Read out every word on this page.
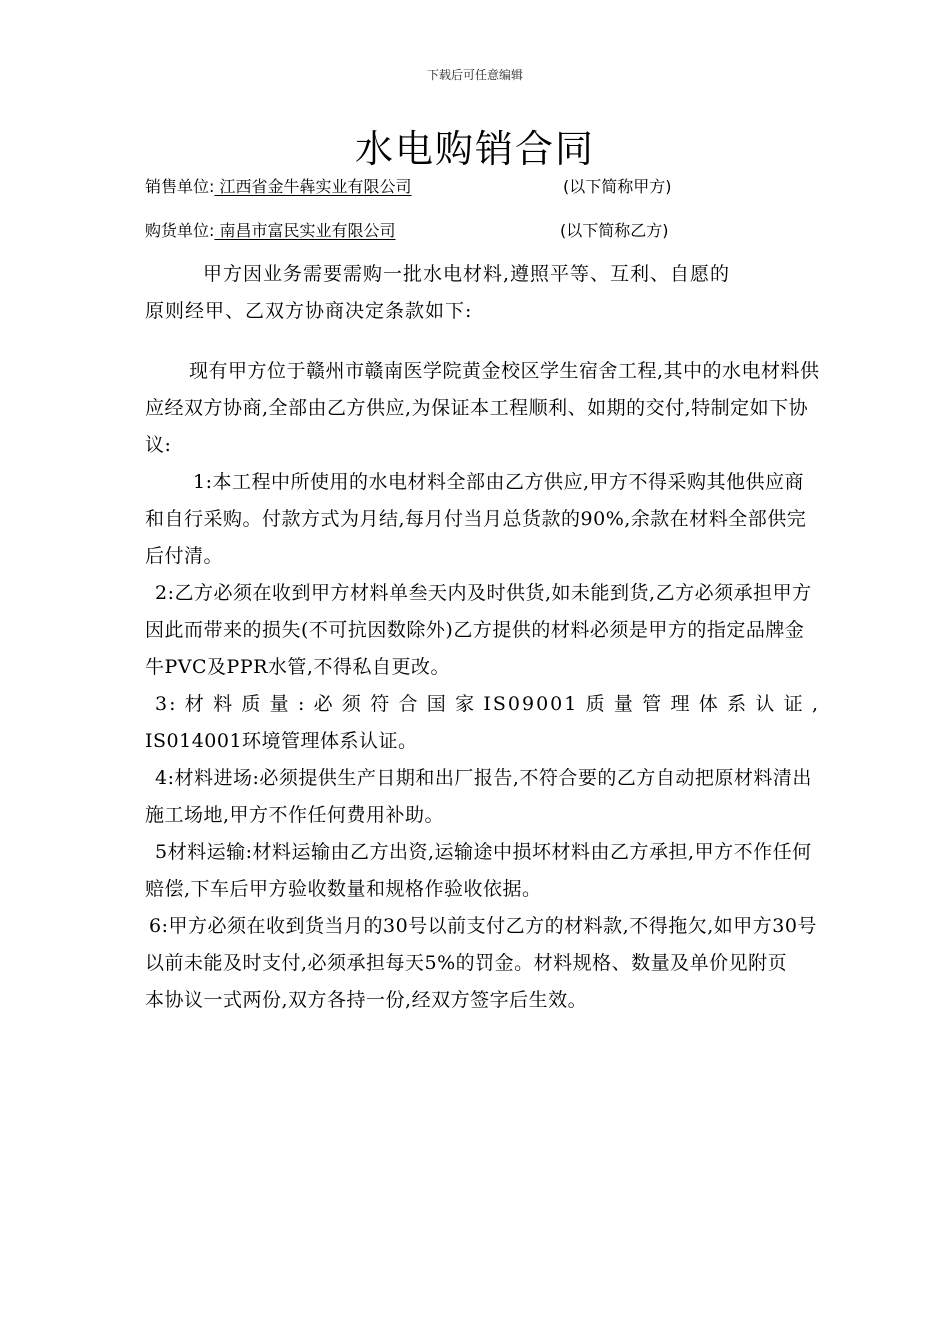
下载后可任意编辑
水电购销合同
销售单位: 江西省金牛犇实业有限公司	(以下简称甲方)
购货单位: 南昌市富民实业有限公司	(以下简称乙方)

甲方因业务需要需购一批水电材料,遵照平等、互利、自愿的

原则经甲、乙双方协商决定条款如下:

现有甲方位于赣州市赣南医学院黄金校区学生宿舍工程,其中的水电材料供应经双方协商,全部由乙方供应,为保证本工程顺利、如期的交付,特制定如下协议:

1:本工程中所使用的水电材料全部由乙方供应,甲方不得采购其他供应商和自行采购。付款方式为月结,每月付当月总货款的90%,余款在材料全部供完后付清。

2:乙方必须在收到甲方材料单叁天内及时供货,如未能到货,乙方必须承担甲方因此而带来的损失(不可抗因数除外)乙方提供的材料必须是甲方的指定品牌金牛PVC及PPR水管,不得私自更改。

3:材料质量:必须符合国家IS09001质量管理体系认证,

IS014001环境管理体系认证。

4:材料进场:必须提供生产日期和出厂报告,不符合要的乙方自动把原材料清出施工场地,甲方不作任何费用补助。

5材料运输:材料运输由乙方出资,运输途中损坏材料由乙方承担,甲方不作任何赔偿,下车后甲方验收数量和规格作验收依据。

6:甲方必须在收到货当月的30号以前支付乙方的材料款,不得拖欠,如甲方30号以前未能及时支付,必须承担每天5%的罚金。材料规格、数量及单价见附页

本协议一式两份,双方各持一份,经双方签字后生效。
